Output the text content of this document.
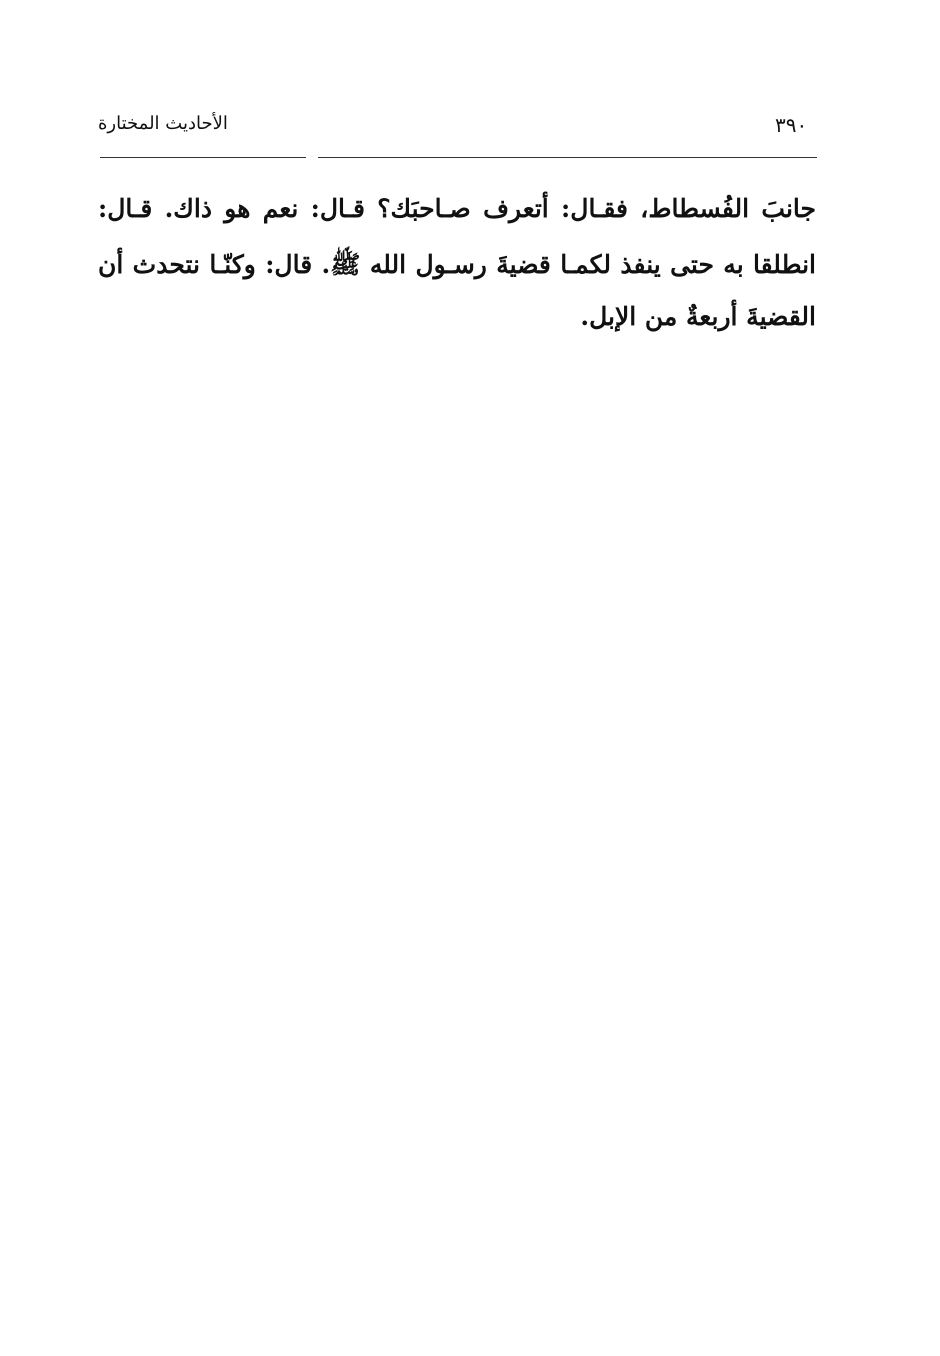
الأحاديث المختارة	٣٩٠
جانبَ الفُسطاط، فقـال: أتعرف صـاحبَك؟ قـال: نعم هو ذاك. قـال:
انطلقا به حتى ينفذ لكمـا قضيةَ رسـول الله ﷺ. قال: وكنّـا نتحدث أن
القضيةَ أربعةٌ من الإبل.
